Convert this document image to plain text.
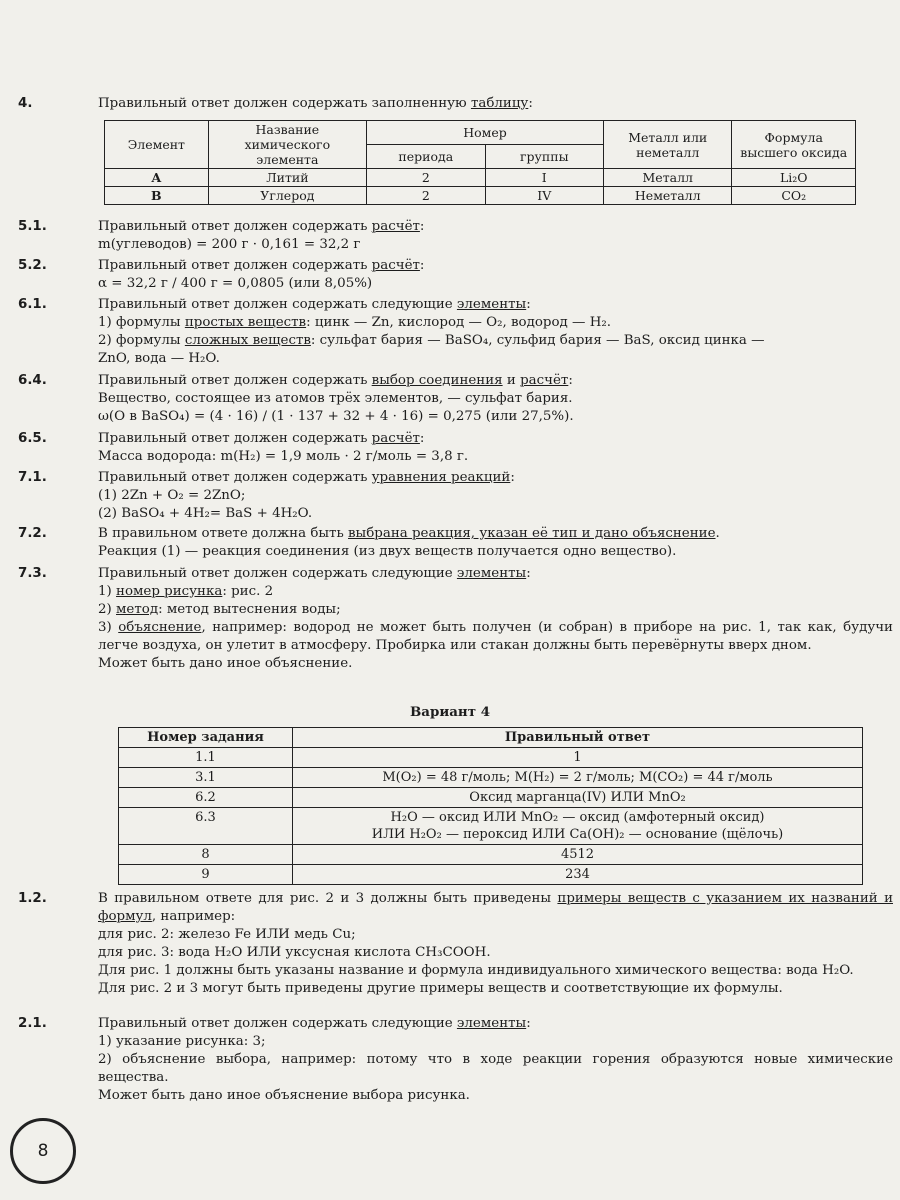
4.	Правильный ответ должен содержать заполненную таблицу:
Элемент	Название химического элемента	Номер		Металл или неметалл	Формула высшего оксида
		периода	группы		
А	Литий	2	I	Металл	Li₂O
В	Углерод	2	IV	Неметалл	CO₂
5.1.	Правильный ответ должен содержать расчёт:
m(углеводов) = 200 г · 0,161 = 32,2 г
5.2.	Правильный ответ должен содержать расчёт:
α = 32,2 г / 400 г = 0,0805 (или 8,05%)
6.1.	Правильный ответ должен содержать следующие элементы:
1) формулы простых веществ: цинк — Zn, кислород — O₂, водород — H₂.
2) формулы сложных веществ: сульфат бария — BaSO₄, сульфид бария — BaS, оксид цинка —
ZnO, вода — H₂O.
6.4.	Правильный ответ должен содержать выбор соединения и расчёт:
Вещество, состоящее из атомов трёх элементов, — сульфат бария.
ω(O в BaSO₄) = (4 · 16) / (1 · 137 + 32 + 4 · 16) = 0,275 (или 27,5%).
6.5.	Правильный ответ должен содержать расчёт:
Масса водорода: m(H₂) = 1,9 моль · 2 г/моль = 3,8 г.
7.1.	Правильный ответ должен содержать уравнения реакций:
(1) 2Zn + O₂ = 2ZnO;
(2) BaSO₄ + 4H₂= BaS + 4H₂O.
7.2.	В правильном ответе должна быть выбрана реакция, указан её тип и дано объяснение.
Реакция (1) — реакция соединения (из двух веществ получается одно вещество).
7.3.	Правильный ответ должен содержать следующие элементы:
1) номер рисунка: рис. 2
2) метод: метод вытеснения воды;
3) объяснение, например: водород не может быть получен (и собран) в приборе на рис. 1, так как, будучи легче воздуха, он улетит в атмосферу. Пробирка или стакан должны быть перевёрнуты вверх дном.
Может быть дано иное объяснение.
Вариант 4
Номер задания	Правильный ответ
1.1	1
3.1	M(O₂) = 48 г/моль; M(H₂) = 2 г/моль; M(CO₂) = 44 г/моль
6.2	Оксид марганца(IV) ИЛИ MnO₂
6.3	H₂O — оксид ИЛИ MnO₂ — оксид (амфотерный оксид)
ИЛИ H₂O₂ — пероксид ИЛИ Ca(OH)₂ — основание (щёлочь)

8	4512
9	234
1.2.	В правильном ответе для рис. 2 и 3 должны быть приведены примеры веществ с указанием их названий и формул, например:
для рис. 2: железо Fe ИЛИ медь Cu;
для рис. 3: вода H₂O ИЛИ уксусная кислота CH₃COOH.
Для рис. 1 должны быть указаны название и формула индивидуального химического вещества: вода H₂O.
Для рис. 2 и 3 могут быть приведены другие примеры веществ и соответствующие их формулы.
2.1.	Правильный ответ должен содержать следующие элементы:
1) указание рисунка: 3;
2) объяснение выбора, например: потому что в ходе реакции горения образуются новые химические вещества.
Может быть дано иное объяснение выбора рисунка.
8
